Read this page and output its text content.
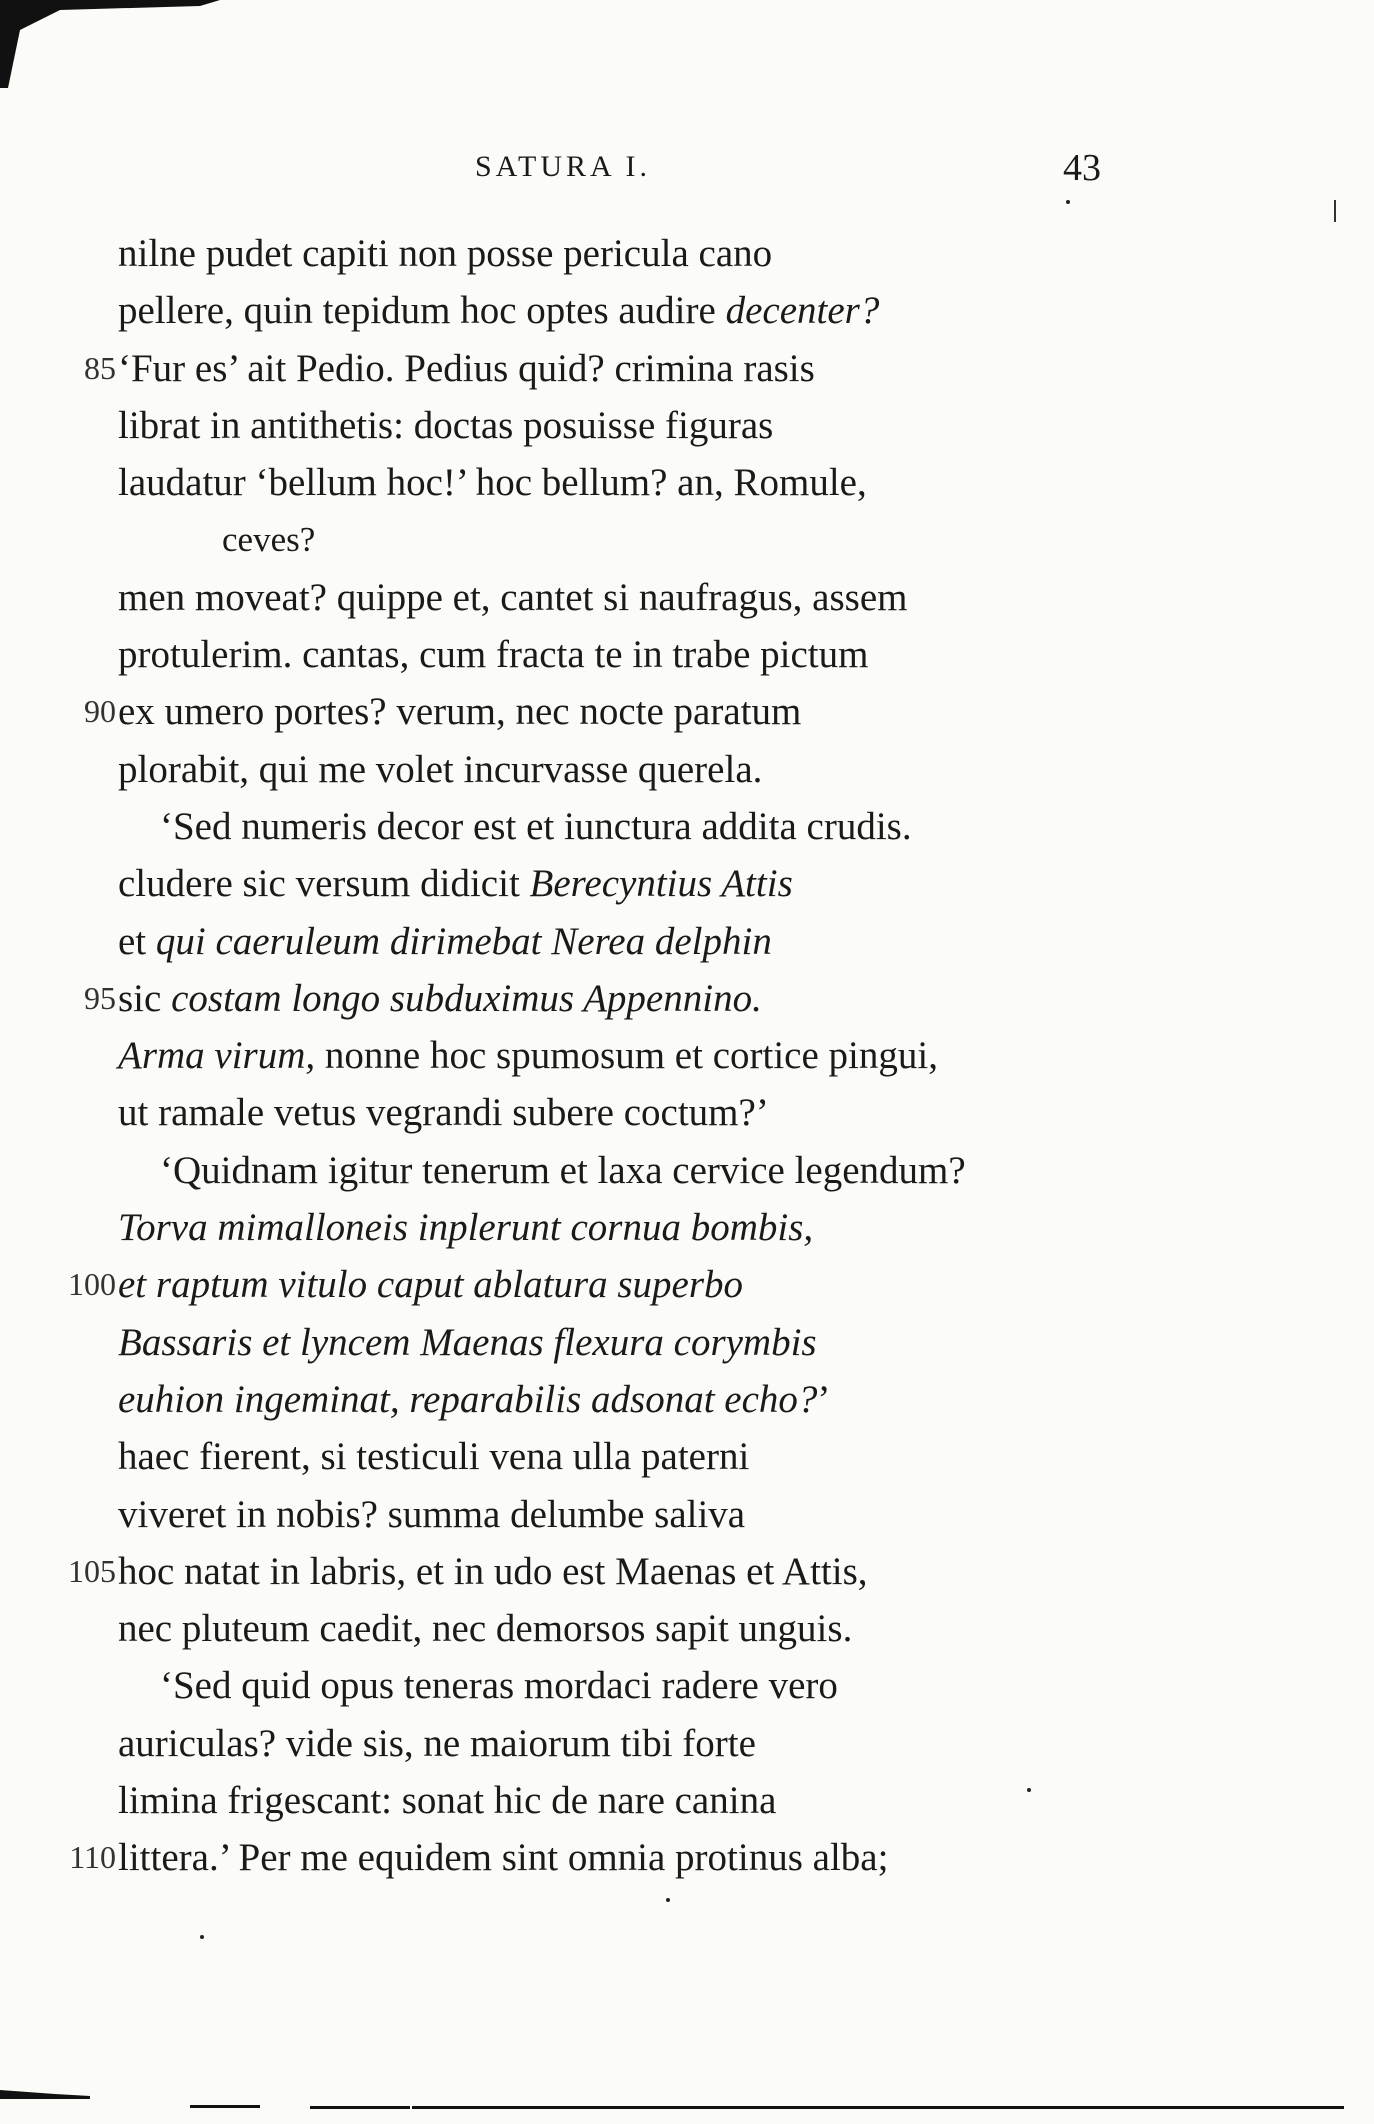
SATURA I.	43
nilne pudet capiti non posse pericula cano
pellere, quin tepidum hoc optes audire decenter?
85 ‘Fur es’ ait Pedio. Pedius quid? crimina rasis
librat in antithetis: doctas posuisse figuras
laudatur ‘bellum hoc!’ hoc bellum? an, Romule,
ceves?
men moveat? quippe et, cantet si naufragus, assem
protulerim. cantas, cum fracta te in trabe pictum
90 ex umero portes? verum, nec nocte paratum
plorabit, qui me volet incurvasse querela.
‘Sed numeris decor est et iunctura addita crudis.
cludere sic versum didicit Berecyntius Attis
et qui caeruleum dirimebat Nerea delphin
95 sic costam longo subduximus Appennino.
Arma virum, nonne hoc spumosum et cortice pingui,
ut ramale vetus vegrandi subere coctum?’
‘Quidnam igitur tenerum et laxa cervice legendum?
Torva mimalloneis inplerunt cornua bombis,
100 et raptum vitulo caput ablatura superbo
Bassaris et lyncem Maenas flexura corymbis
euhion ingeminat, reparabilis adsonat echo?’
haec fierent, si testiculi vena ulla paterni
viveret in nobis? summa delumbe saliva
105 hoc natat in labris, et in udo est Maenas et Attis,
nec pluteum caedit, nec demorsos sapit unguis.
‘Sed quid opus teneras mordaci radere vero
auriculas? vide sis, ne maiorum tibi forte
limina frigescant: sonat hic de nare canina
110 littera.’ Per me equidem sint omnia protinus alba;
